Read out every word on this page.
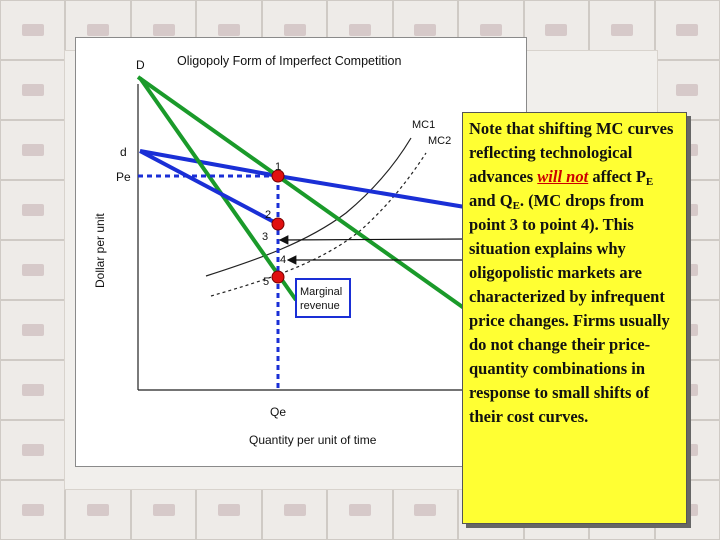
Oligopoly Form of Imperfect Competition
Dollar per unit
Quantity per unit of time
MC1
MC2
D
d
Pe
Qe
1
2
3
4
5
Marginal
revenue
Note that shifting MC curves reflecting technological advances will not affect $P_E$ and $Q_E$. (MC drops from point 3 to point 4). This situation explains why oligopolistic markets are characterized by infrequent price changes. Firms usually do not change their price-quantity combinations in response to small shifts of their cost curves.
